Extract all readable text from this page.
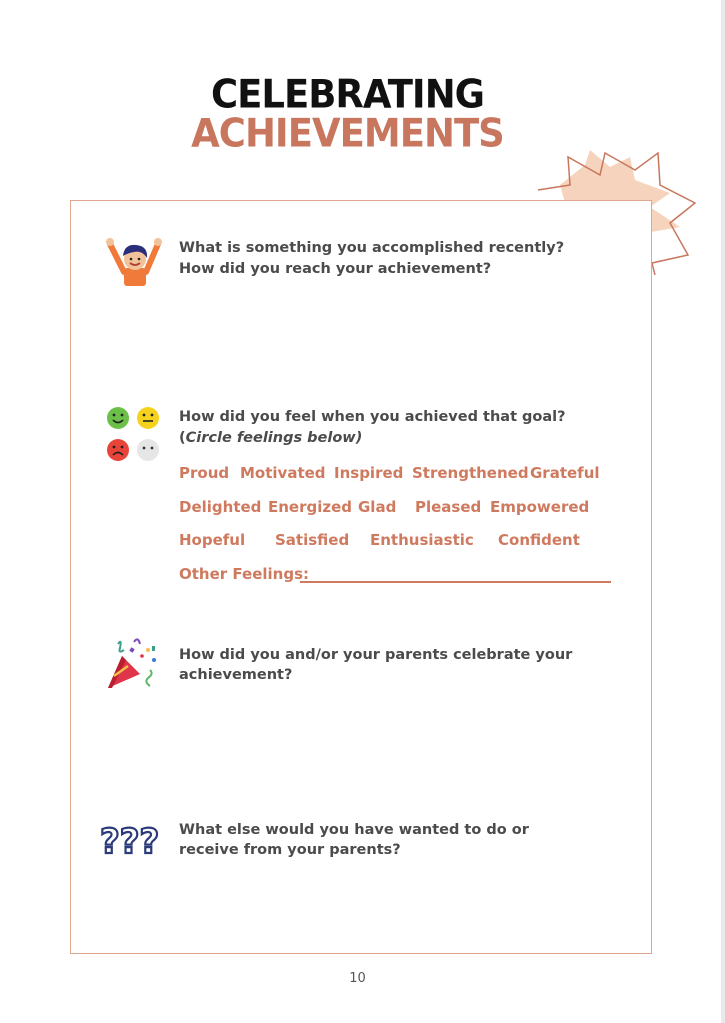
CELEBRATING
ACHIEVEMENTS
What is something you accomplished recently?
How did you reach your achievement?
How did you feel when you achieved that goal?
(Circle feelings below)
Proud Motivated Inspired Strengthened Grateful
Delighted Energized Glad Pleased Empowered
Hopeful Satisfied Enthusiastic Confident
Other Feelings:
How did you and/or your parents celebrate your
achievement?
??? What else would you have wanted to do or
receive from your parents?
10
